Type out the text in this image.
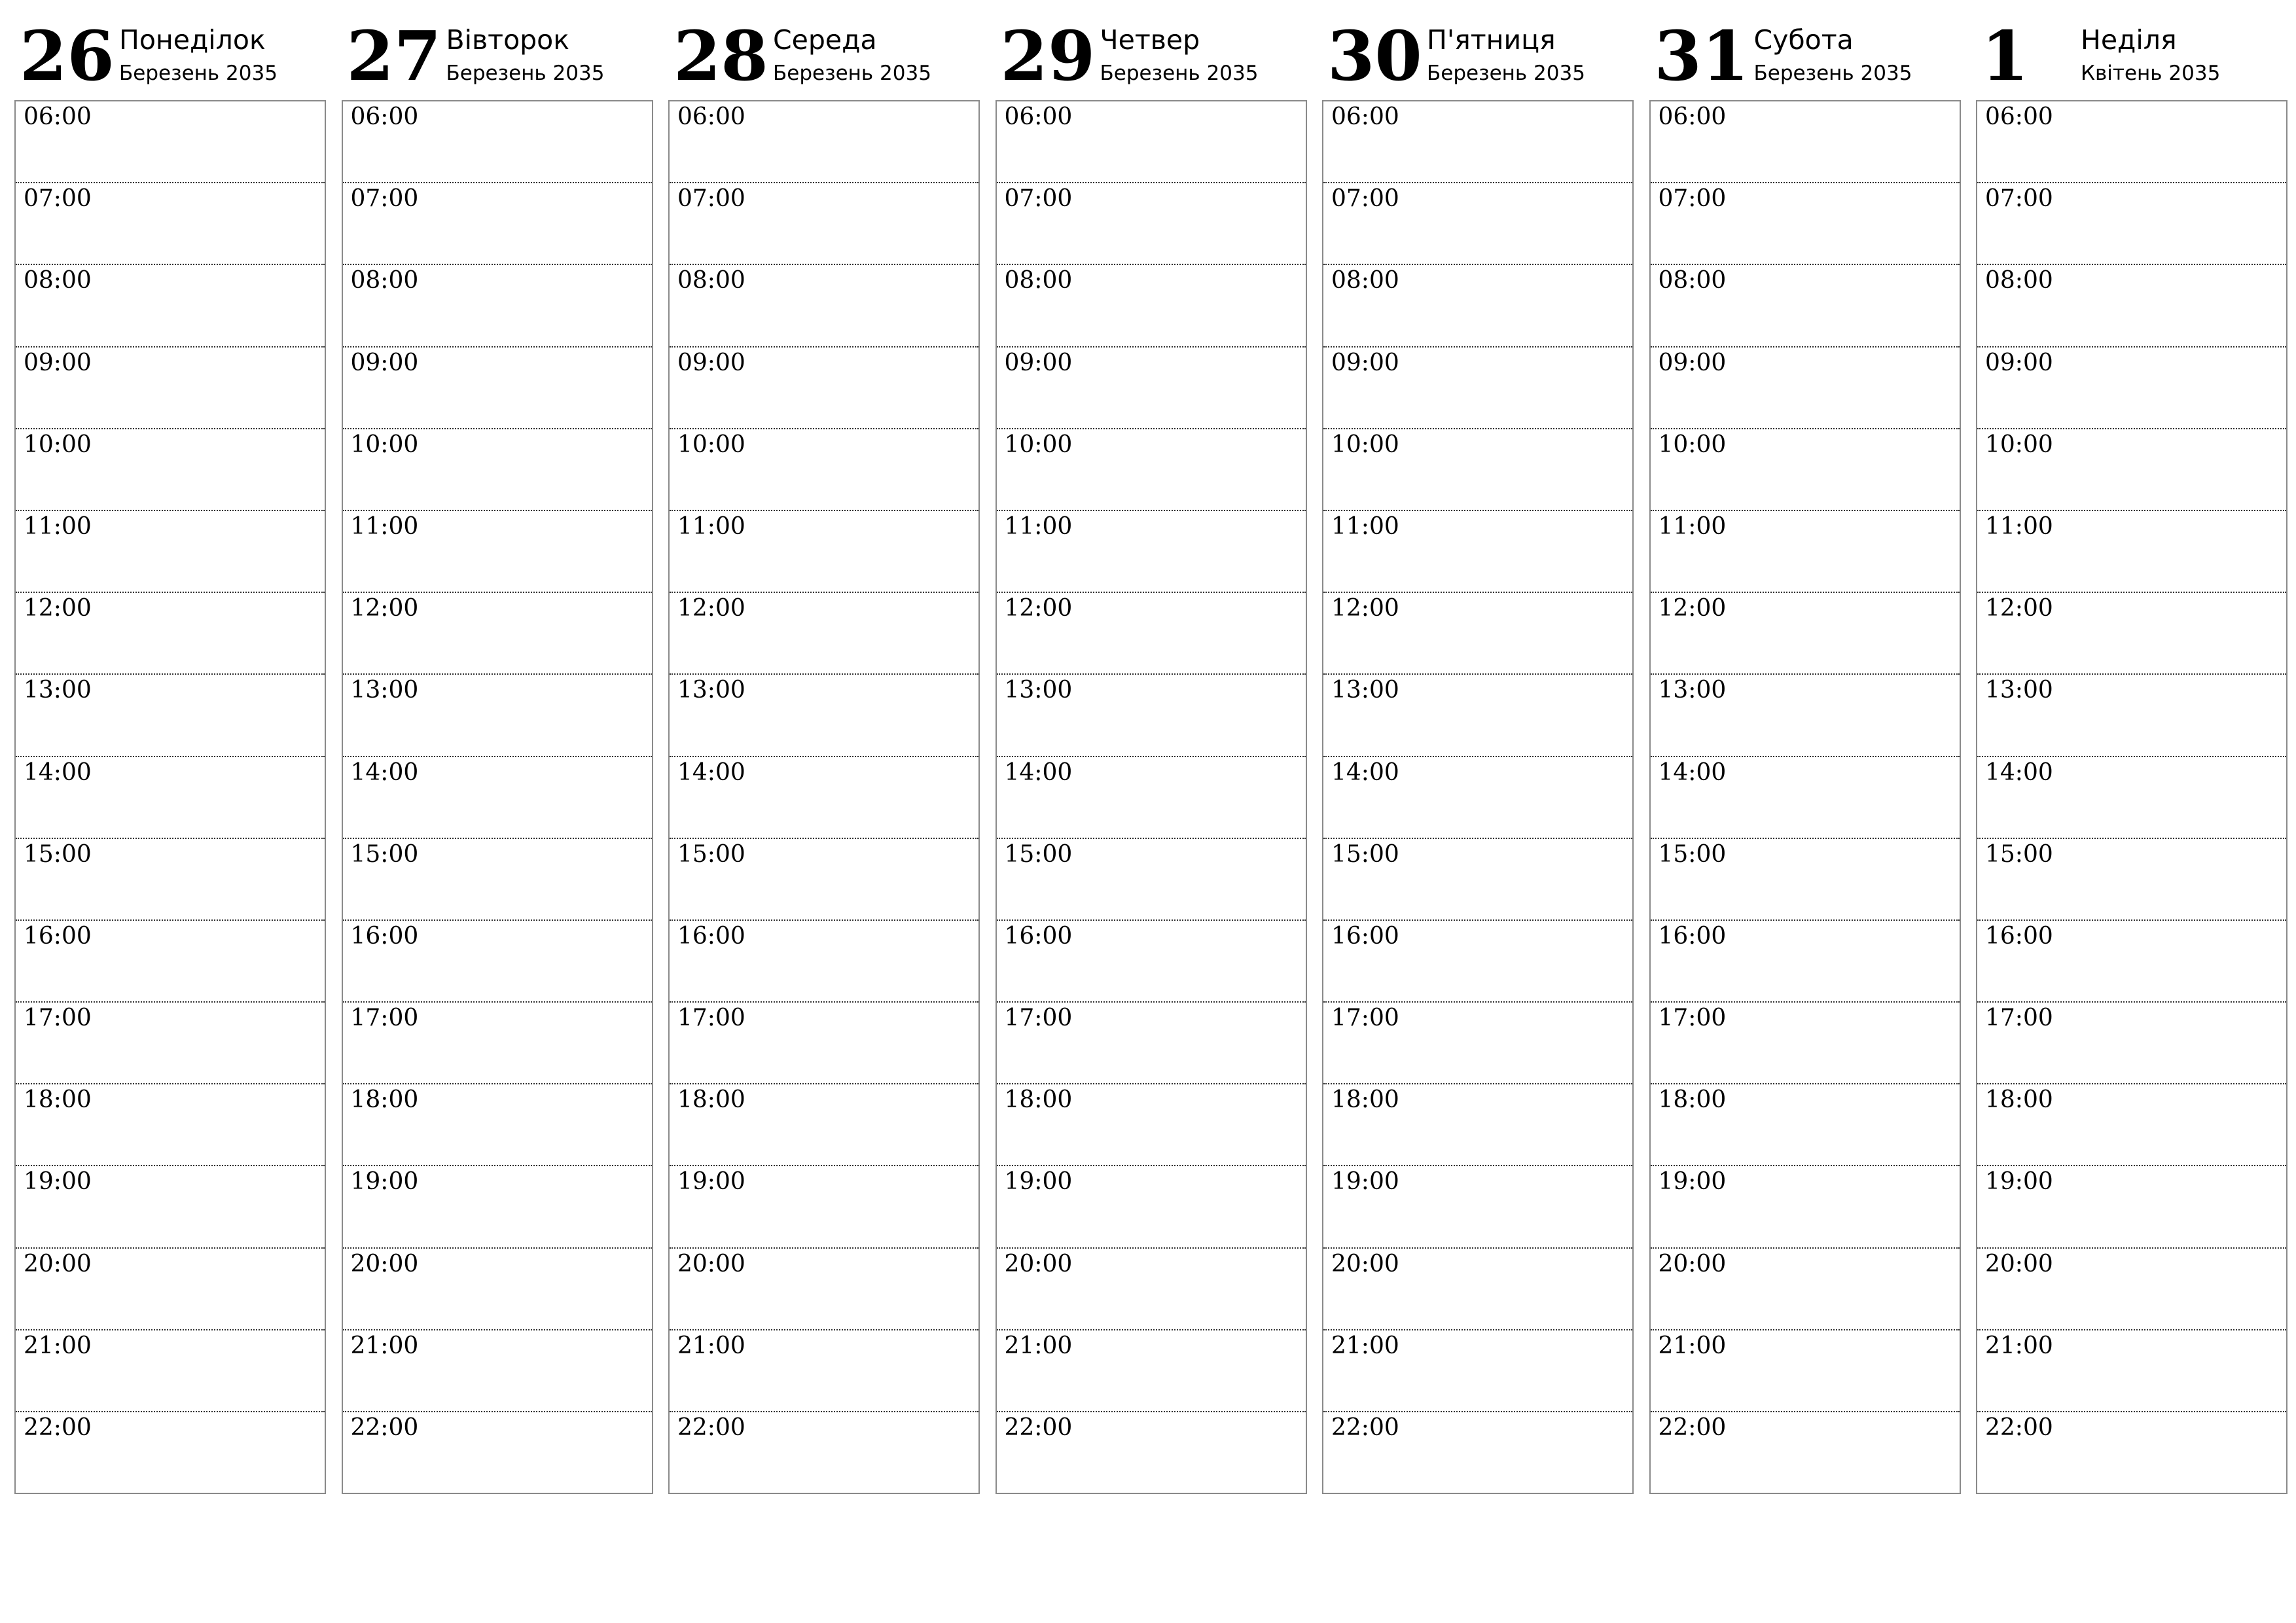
26 Понеділок
Березень 2035
06:00
07:00
08:00
09:00
10:00
11:00
12:00
13:00
14:00
15:00
16:00
17:00
18:00
19:00
20:00
21:00
22:00
27 Вівторок
Березень 2035
06:00
07:00
08:00
09:00
10:00
11:00
12:00
13:00
14:00
15:00
16:00
17:00
18:00
19:00
20:00
21:00
22:00
28 Середа
Березень 2035
06:00
07:00
08:00
09:00
10:00
11:00
12:00
13:00
14:00
15:00
16:00
17:00
18:00
19:00
20:00
21:00
22:00
29 Четвер
Березень 2035
06:00
07:00
08:00
09:00
10:00
11:00
12:00
13:00
14:00
15:00
16:00
17:00
18:00
19:00
20:00
21:00
22:00
30 П'ятниця
Березень 2035
06:00
07:00
08:00
09:00
10:00
11:00
12:00
13:00
14:00
15:00
16:00
17:00
18:00
19:00
20:00
21:00
22:00
31 Субота
Березень 2035
06:00
07:00
08:00
09:00
10:00
11:00
12:00
13:00
14:00
15:00
16:00
17:00
18:00
19:00
20:00
21:00
22:00
1 Неділя
Квітень 2035
06:00
07:00
08:00
09:00
10:00
11:00
12:00
13:00
14:00
15:00
16:00
17:00
18:00
19:00
20:00
21:00
22:00
